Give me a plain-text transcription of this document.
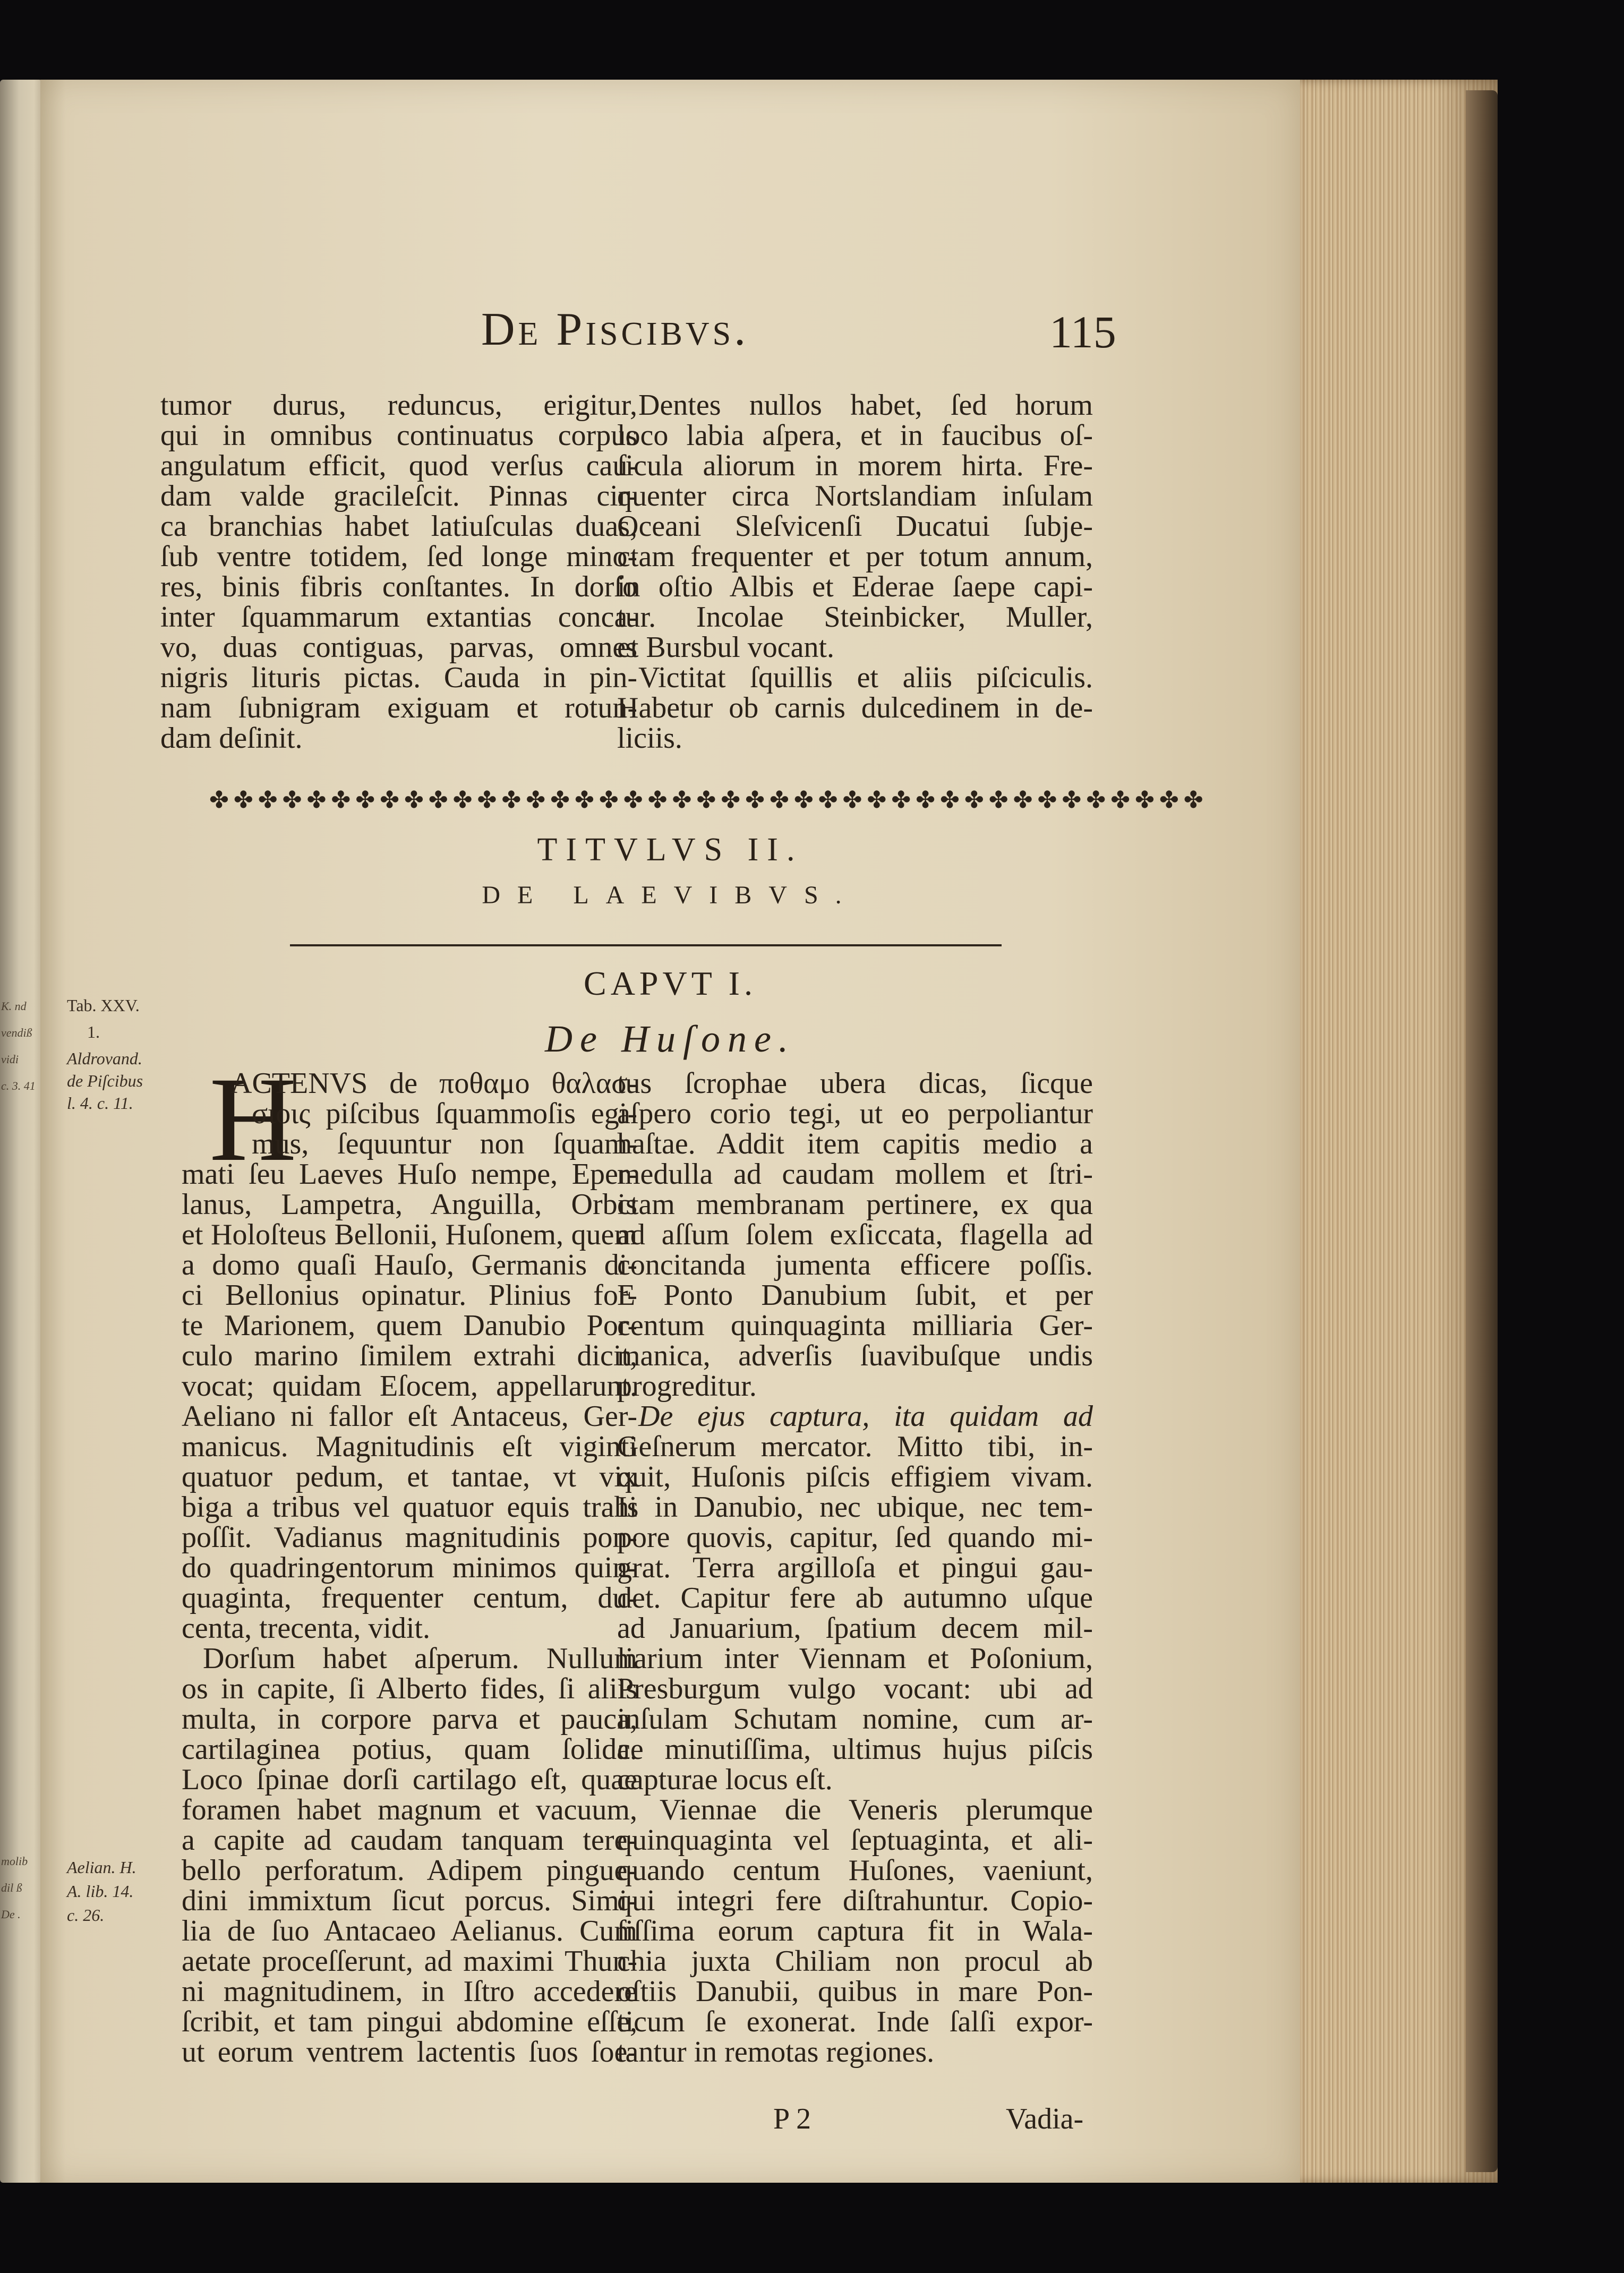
K. nd
vendiß
vidi
c. 3. 41
molib
dil ß
De .
De Piscibvs.	115
tumor durus, reduncus, erigitur,
qui in omnibus continuatus corpus
angulatum efficit, quod verſus cau-
dam valde gracileſcit. Pinnas cir-
ca branchias habet latiuſculas duas,
ſub ventre totidem, ſed longe mino-
res, binis fibris conſtantes. In dorſo
inter ſquammarum extantias conca-
vo, duas contiguas, parvas, omnes
nigris lituris pictas. Cauda in pin-
nam ſubnigram exiguam et rotun-
dam deſinit.
Dentes nullos habet, ſed horum
loco labia aſpera, et in faucibus oſ-
ſicula aliorum in morem hirta. Fre-
quenter circa Nortslandiam inſulam
Oceani Sleſvicenſi Ducatui ſubje-
ctam frequenter et per totum annum,
in oſtio Albis et Ederae ſaepe capi-
tur. Incolae Steinbicker, Muller,
et Bursbul vocant.
Victitat ſquillis et aliis piſciculis.
Habetur ob carnis dulcedinem in de-
liciis.
✤✤✤✤✤✤✤✤✤✤✤✤✤✤✤✤✤✤✤✤✤✤✤✤✤✤✤✤✤✤✤✤✤✤✤✤✤✤✤✤✤
TITVLVS II.
DE LAEVIBVS.
CAPVT I.
De Huſone.
Tab. XXV.
1.
Aldrovand.
de Piſcibus
l. 4. c. 11.
Aelian. H.
A. lib. 14.
c. 26.
H
ACTENVS de ποθαμο θαλασ-
σιοις piſcibus ſquammoſis egi-
mus, ſequuntur non ſquam-
mati ſeu Laeves Huſo nempe, Eper-
lanus, Lampetra, Anguilla, Orbis
et Holoſteus Bellonii, Huſonem, quem
a domo quaſi Hauſo, Germanis di-
ci Bellonius opinatur. Plinius for-
te Marionem, quem Danubio Por-
culo marino ſimilem extrahi dicit,
vocat; quidam Eſocem, appellarunt.
Aeliano ni fallor eſt Antaceus, Ger-
manicus. Magnitudinis eſt viginti
quatuor pedum, et tantae, vt vix
biga a tribus vel quatuor equis trahi
poſſit. Vadianus magnitudinis pon-
do quadringentorum minimos quin-
quaginta, frequenter centum, du-
centa, trecenta, vidit.
Dorſum habet aſperum. Nullum
os in capite, ſi Alberto fides, ſi aliis
multa, in corpore parva et pauca,
cartilaginea potius, quam ſolida.
Loco ſpinae dorſi cartilago eſt, quae
foramen habet magnum et vacuum,
a capite ad caudam tanquam tere-
bello perforatum. Adipem pingue-
dini immixtum ſicut porcus. Simi-
lia de ſuo Antacaeo Aelianus. Cum
aetate proceſſerunt, ad maximi Thun-
ni magnitudinem, in Iſtro accedere
ſcribit, et tam pingui abdomine eſſe,
ut eorum ventrem lactentis ſuos ſoe-
tus ſcrophae ubera dicas, ſicque
aſpero corio tegi, ut eo perpoliantur
haſtae. Addit item capitis medio a
medulla ad caudam mollem et ſtri-
ctam membranam pertinere, ex qua
ad aſſum ſolem exſiccata, flagella ad
concitanda jumenta efficere poſſis.
E Ponto Danubium ſubit, et per
centum quinquaginta milliaria Ger-
manica, adverſis ſuavibuſque undis
progreditur.
De ejus captura, ita quidam ad
Geſnerum mercator. Mitto tibi, in-
quit, Huſonis piſcis effigiem vivam.
Is in Danubio, nec ubique, nec tem-
pore quovis, capitur, ſed quando mi-
grat. Terra argilloſa et pingui gau-
det. Capitur fere ab autumno uſque
ad Januarium, ſpatium decem mil-
liarium inter Viennam et Poſonium,
Presburgum vulgo vocant: ubi ad
inſulam Schutam nomine, cum ar-
ce minutiſſima, ultimus hujus piſcis
capturae locus eſt.
Viennae die Veneris plerumque
quinquaginta vel ſeptuaginta, et ali-
quando centum Huſones, vaeniunt,
qui integri fere diſtrahuntur. Copio-
ſiſſima eorum captura fit in Wala-
chia juxta Chiliam non procul ab
oſtiis Danubii, quibus in mare Pon-
ticum ſe exonerat. Inde ſalſi expor-
tantur in remotas regiones.
P 2	Vadia-
